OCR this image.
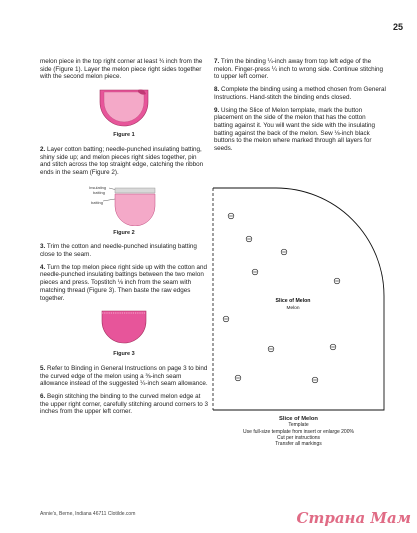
25

melon piece in the top right corner at least ¾ inch from the side (Figure 1). Layer the melon piece right sides together with the second melon piece.

Figure 1

2. Layer cotton batting; needle-punched insulating batting, shiny side up; and melon pieces right sides together, pin and stitch across the top straight edge, catching the ribbon ends in the seam (Figure 2).

Insulating
batting
batting
Figure 2

3. Trim the cotton and needle-punched insulating batting close to the seam.

4. Turn the top melon piece right side up with the cotton and needle-punched insulating battings between the two melon pieces and press. Topstitch ⅛ inch from the seam with matching thread (Figure 3). Then baste the raw edges together.

Figure 3

5. Refer to Binding in General Instructions on page 3 to bind the curved edge of the melon using a ⅜-inch seam allowance instead of the suggested ¼-inch seam allowance.

6. Begin stitching the binding to the curved melon edge at the upper right corner, carefully stitching around corners to 3 inches from the upper left corner.

7. Trim the binding ¼-inch away from top left edge of the melon. Finger-press ¼ inch to wrong side. Continue stitching to upper left corner.

8. Complete the binding using a method chosen from General Instructions. Hand-stitch the binding ends closed.

9. Using the Slice of Melon template, mark the button placement on the side of the melon that has the cotton batting against it. You will want the side with the insulating batting against the back of the melon. Sew ⅛-inch black buttons to the melon where marked through all layers for seeds.

Slice of Melon
Melon
Slice of Melon
Template
Use full-size template from insert or enlarge 200%
Cut per instructions
Transfer all markings
Annie's, Berne, Indiana 46711 Clotilde.com	Страна Мам
